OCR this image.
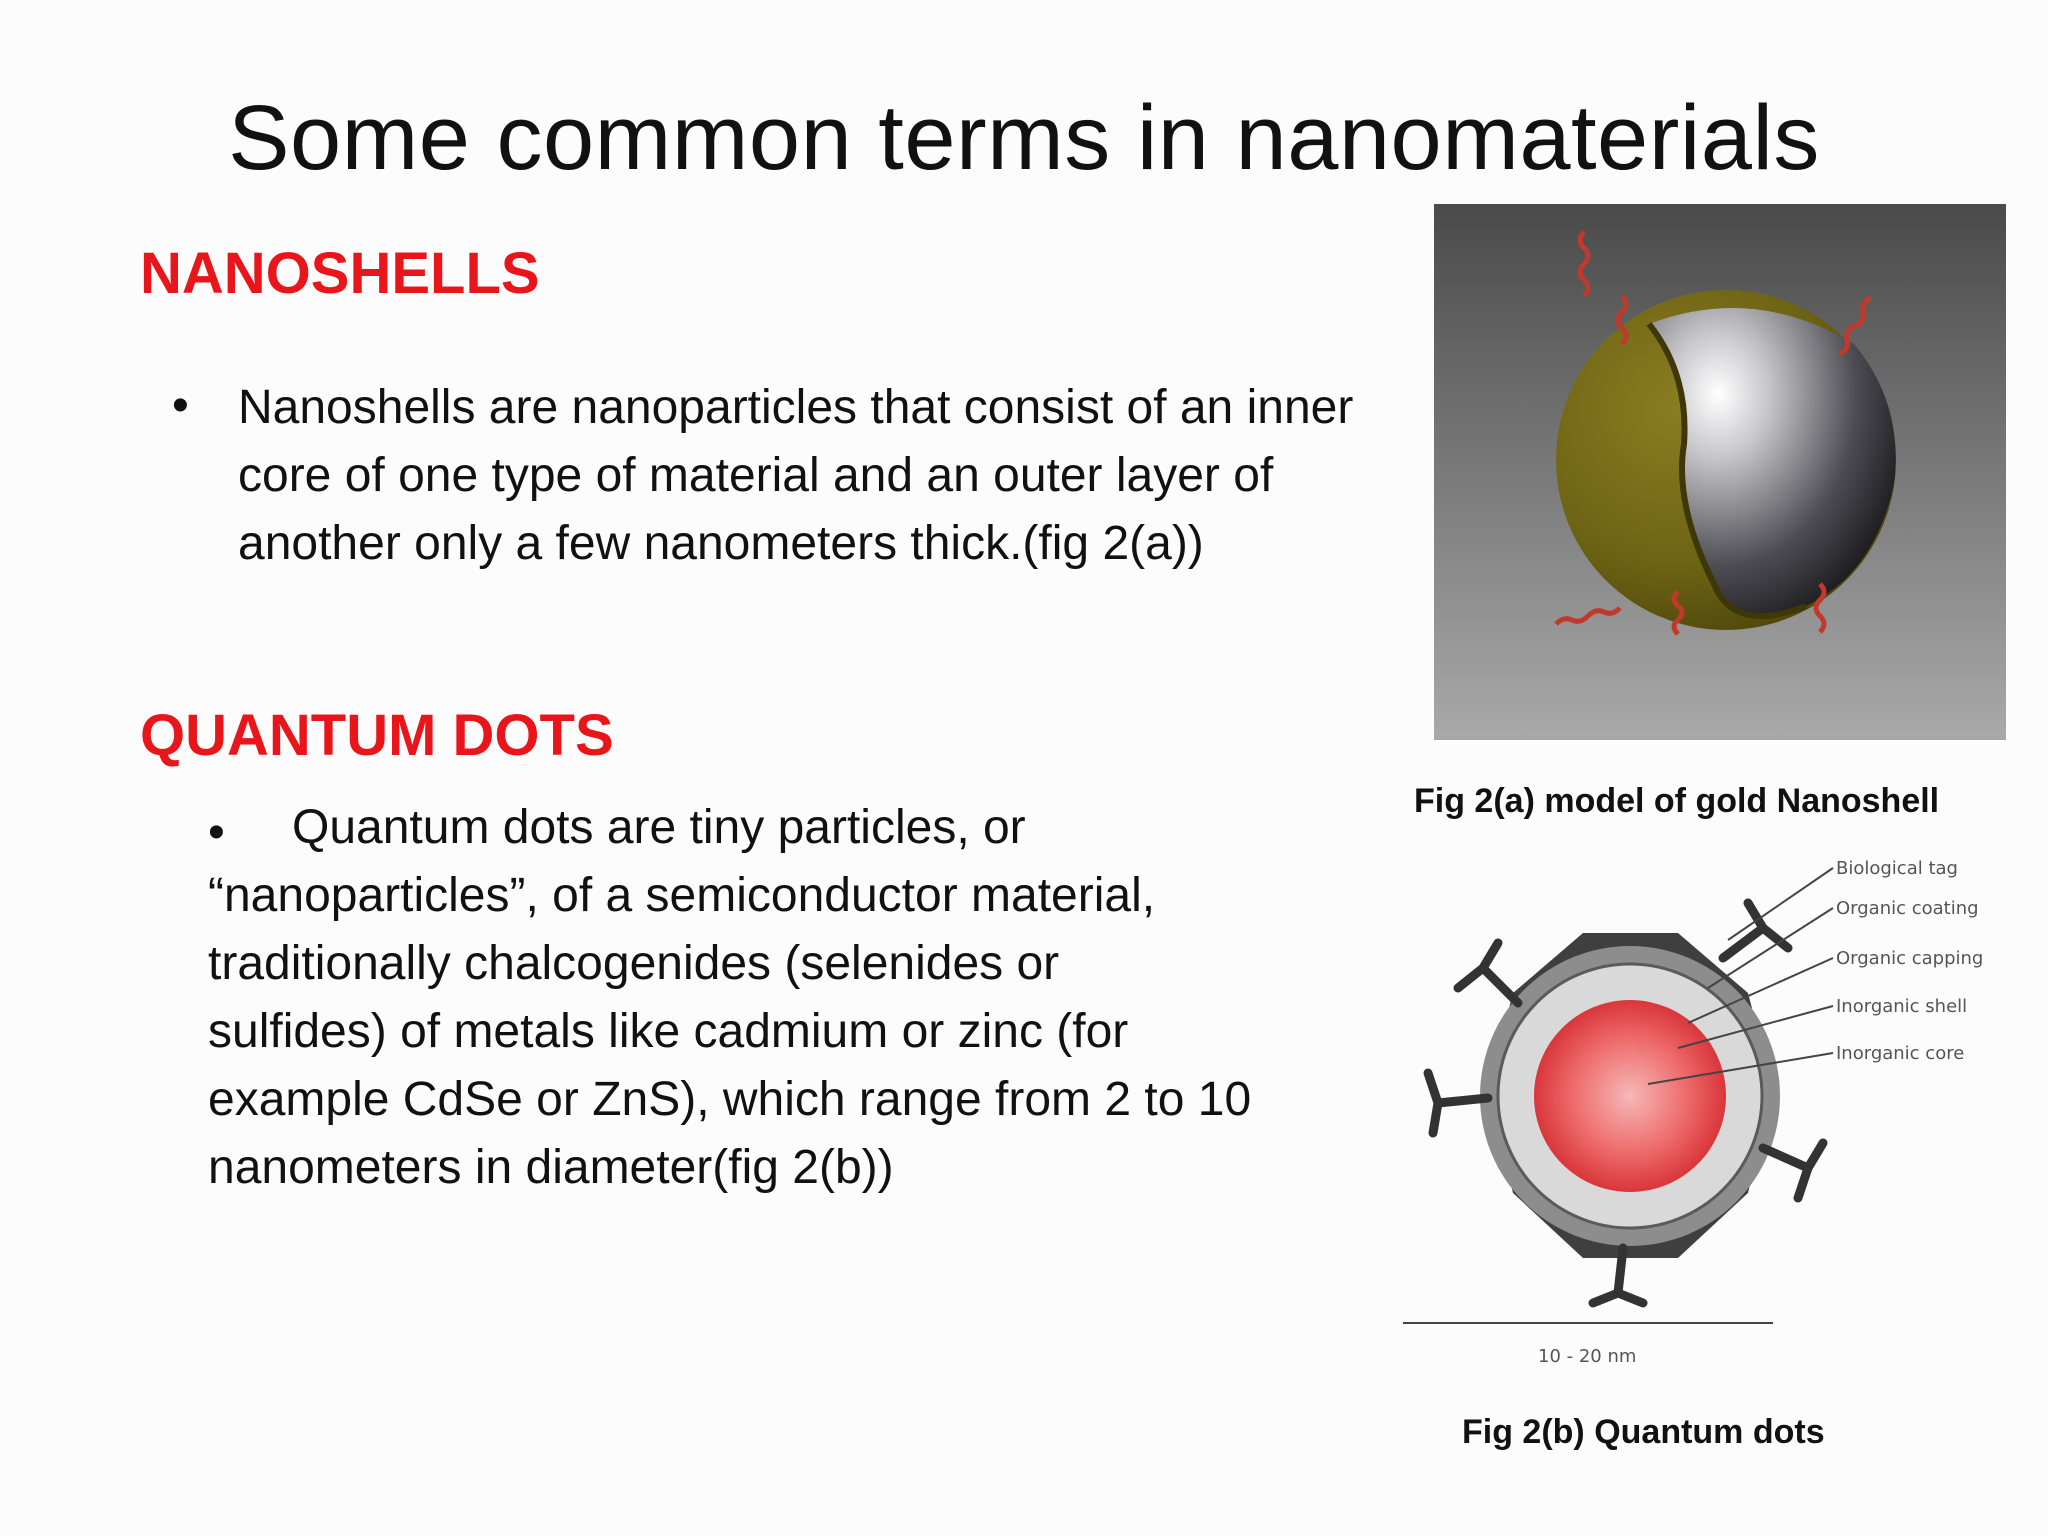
Some common terms in nanomaterials
NANOSHELLS
• Nanoshells are nanoparticles that consist of an inner core of one type of material and an outer layer of another only a few nanometers thick.(fig 2(a))
QUANTUM DOTS
• Quantum dots are tiny particles, or
“nanoparticles”, of a semiconductor material,
traditionally chalcogenides (selenides or
sulfides) of metals like cadmium or zinc (for
example CdSe or ZnS), which range from 2 to 10
nanometers in diameter(fig 2(b))
Fig 2(a) model of gold Nanoshell
Biological tag
Organic coating
Organic capping
Inorganic shell
Inorganic core
10 - 20 nm
Fig 2(b) Quantum dots
